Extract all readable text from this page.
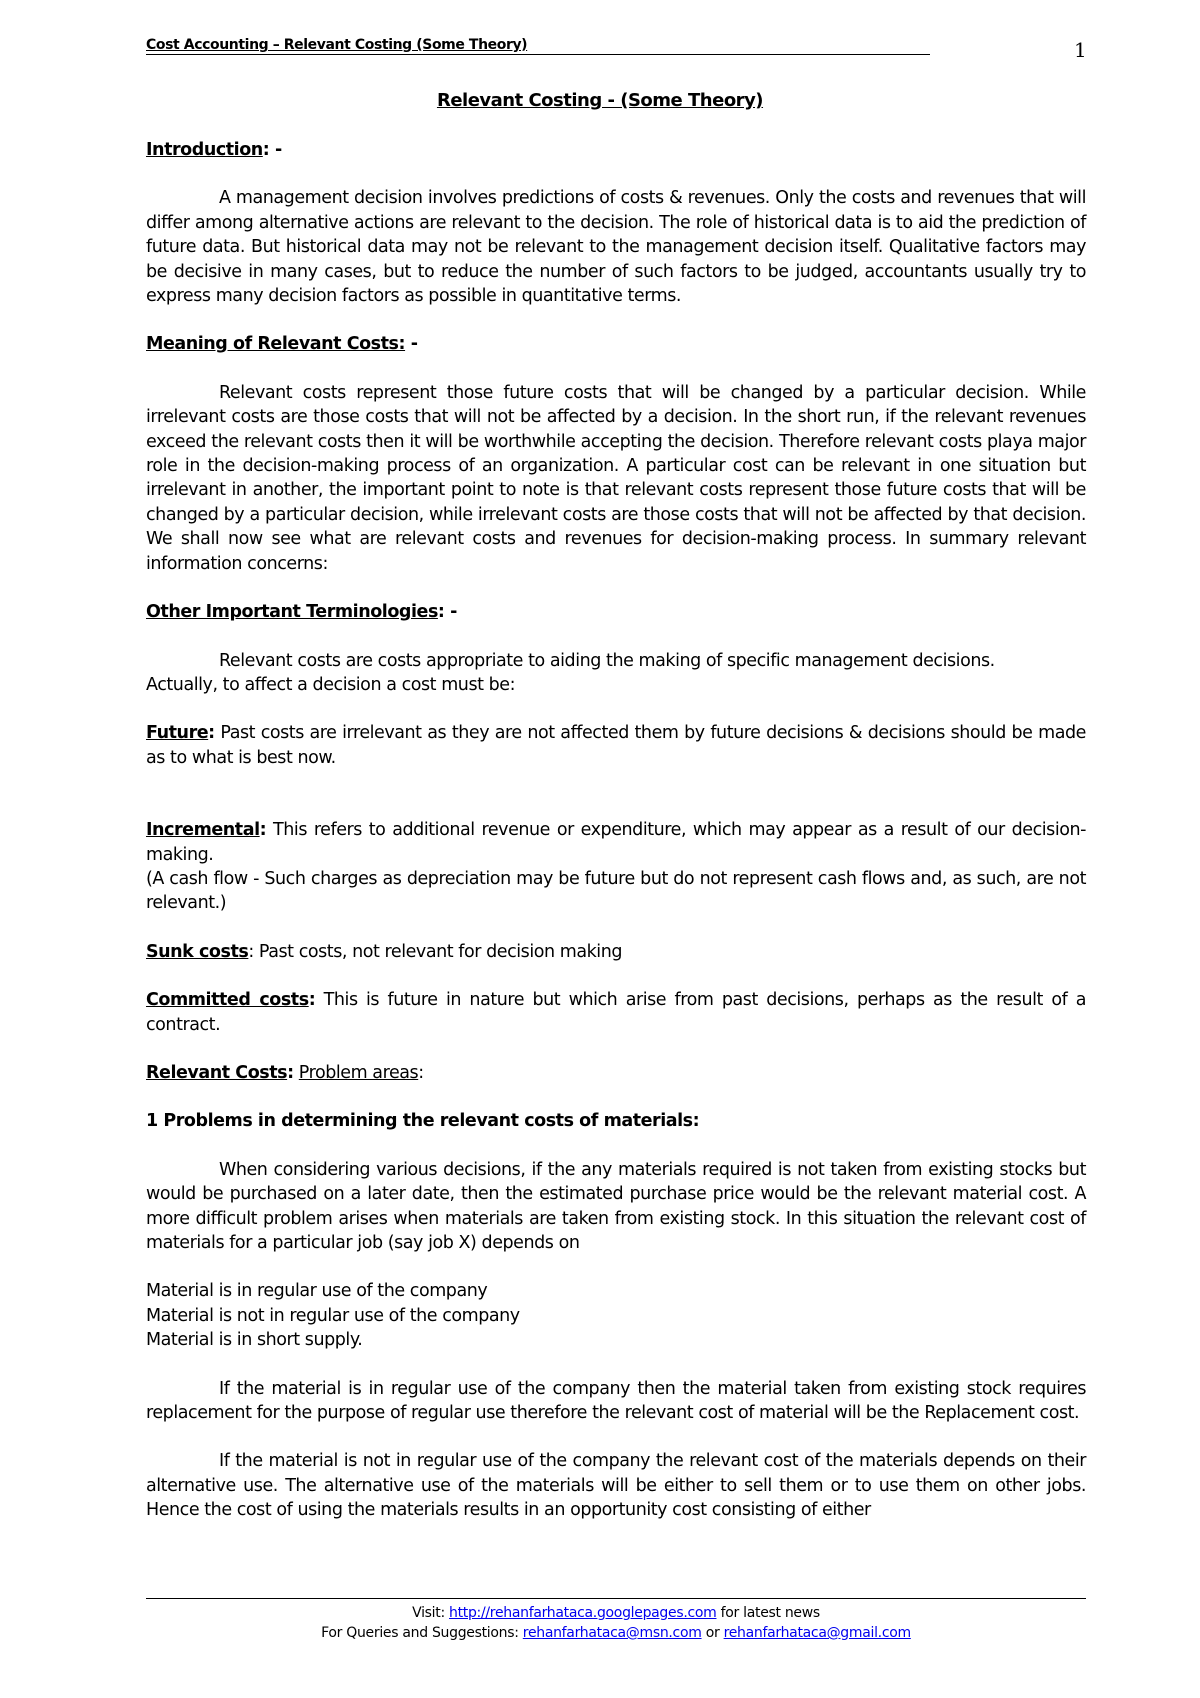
Cost Accounting – Relevant Costing (Some Theory)	1
Relevant Costing - (Some Theory)

Introduction: -

A management decision involves predictions of costs & revenues. Only the costs and revenues that will differ among alternative actions are relevant to the decision. The role of historical data is to aid the prediction of future data. But historical data may not be relevant to the management decision itself. Qualitative factors may be decisive in many cases, but to reduce the number of such factors to be judged, accountants usually try to express many decision factors as possible in quantitative terms.

Meaning of Relevant Costs: -

Relevant costs represent those future costs that will be changed by a particular decision. While irrelevant costs are those costs that will not be affected by a decision. In the short run, if the relevant revenues exceed the relevant costs then it will be worthwhile accepting the decision. Therefore relevant costs playa major role in the decision-making process of an organization. A particular cost can be relevant in one situation but irrelevant in another, the important point to note is that relevant costs represent those future costs that will be changed by a particular decision, while irrelevant costs are those costs that will not be affected by that decision. We shall now see what are relevant costs and revenues for decision-making process. In summary relevant information concerns:

Other Important Terminologies: -

Relevant costs are costs appropriate to aiding the making of specific management decisions.

Actually, to affect a decision a cost must be:

Future: Past costs are irrelevant as they are not affected them by future decisions & decisions should be made as to what is best now.

Incremental: This refers to additional revenue or expenditure, which may appear as a result of our decision-making.

(A cash flow - Such charges as depreciation may be future but do not represent cash flows and, as such, are not relevant.)

Sunk costs: Past costs, not relevant for decision making

Committed costs: This is future in nature but which arise from past decisions, perhaps as the result of a contract.

Relevant Costs: Problem areas:

1 Problems in determining the relevant costs of materials:

When considering various decisions, if the any materials required is not taken from existing stocks but would be purchased on a later date, then the estimated purchase price would be the relevant material cost. A more difficult problem arises when materials are taken from existing stock. In this situation the relevant cost of materials for a particular job (say job X) depends on

Material is in regular use of the company

Material is not in regular use of the company

Material is in short supply.

If the material is in regular use of the company then the material taken from existing stock requires replacement for the purpose of regular use therefore the relevant cost of material will be the Replacement cost.

If the material is not in regular use of the company the relevant cost of the materials depends on their alternative use. The alternative use of the materials will be either to sell them or to use them on other jobs. Hence the cost of using the materials results in an opportunity cost consisting of either

Visit: http://rehanfarhataca.googlepages.com for latest news
For Queries and Suggestions: rehanfarhataca@msn.com or rehanfarhataca@gmail.com
